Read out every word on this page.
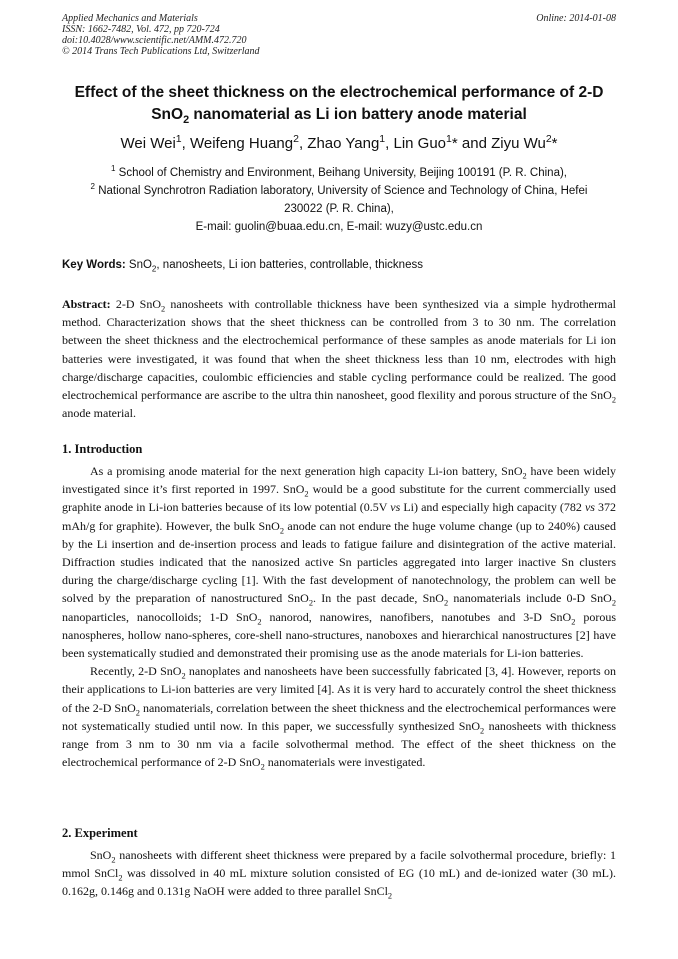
Applied Mechanics and Materials
ISSN: 1662-7482, Vol. 472, pp 720-724
doi:10.4028/www.scientific.net/AMM.472.720
© 2014 Trans Tech Publications Ltd, Switzerland
Online: 2014-01-08
Effect of the sheet thickness on the electrochemical performance of 2-D
SnO$_2$ nanomaterial as Li ion battery anode material
Wei Wei$^1$, Weifeng Huang$^2$, Zhao Yang$^1$, Lin Guo$^1$* and Ziyu Wu$^2$*
$^1$ School of Chemistry and Environment, Beihang University, Beijing 100191 (P. R. China),
$^2$ National Synchrotron Radiation laboratory, University of Science and Technology of China, Hefei
230022 (P. R. China),
E-mail: guolin@buaa.edu.cn, E-mail: wuzy@ustc.edu.cn
Key Words: SnO$_2$, nanosheets, Li ion batteries, controllable, thickness

Abstract: 2-D SnO$_2$ nanosheets with controllable thickness have been synthesized via a simple hydrothermal method. Characterization shows that the sheet thickness can be controlled from 3 to 30 nm. The correlation between the sheet thickness and the electrochemical performance of these samples as anode materials for Li ion batteries were investigated, it was found that when the sheet thickness less than 10 nm, electrodes with high charge/discharge capacities, coulombic efficiencies and stable cycling performance could be realized. The good electrochemical performance are ascribe to the ultra thin nanosheet, good flexility and porous structure of the SnO$_2$ anode material.

1. Introduction

As a promising anode material for the next generation high capacity Li-ion battery, SnO$_2$ have been widely investigated since it’s first reported in 1997. SnO$_2$ would be a good substitute for the current commercially used graphite anode in Li-ion batteries because of its low potential (0.5V vs Li) and especially high capacity (782 vs 372 mAh/g for graphite). However, the bulk SnO$_2$ anode can not endure the huge volume change (up to 240%) caused by the Li insertion and de-insertion process and leads to fatigue failure and disintegration of the active material. Diffraction studies indicated that the nanosized active Sn particles aggregated into larger inactive Sn clusters during the charge/discharge cycling [1]. With the fast development of nanotechnology, the problem can well be solved by the preparation of nanostructured SnO$_2$. In the past decade, SnO$_2$ nanomaterials include 0-D SnO$_2$ nanoparticles, nanocolloids; 1-D SnO$_2$ nanorod, nanowires, nanofibers, nanotubes and 3-D SnO$_2$ porous nanospheres, hollow nano-spheres, core-shell nano-structures, nanoboxes and hierarchical nanostructures [2] have been systematically studied and demonstrated their promising use as the anode materials for Li-ion batteries.

Recently, 2-D SnO$_2$ nanoplates and nanosheets have been successfully fabricated [3, 4]. However, reports on their applications to Li-ion batteries are very limited [4]. As it is very hard to accurately control the sheet thickness of the 2-D SnO$_2$ nanomaterials, correlation between the sheet thickness and the electrochemical performances were not systematically studied until now. In this paper, we successfully synthesized SnO$_2$ nanosheets with thickness range from 3 nm to 30 nm via a facile solvothermal method. The effect of the sheet thickness on the electrochemical performance of 2-D SnO$_2$ nanomaterials were investigated.

2. Experiment

SnO$_2$ nanosheets with different sheet thickness were prepared by a facile solvothermal procedure, briefly: 1 mmol SnCl$_2$ was dissolved in 40 mL mixture solution consisted of EG (10 mL) and de-ionized water (30 mL). 0.162g, 0.146g and 0.131g NaOH were added to three parallel SnCl$_2$
